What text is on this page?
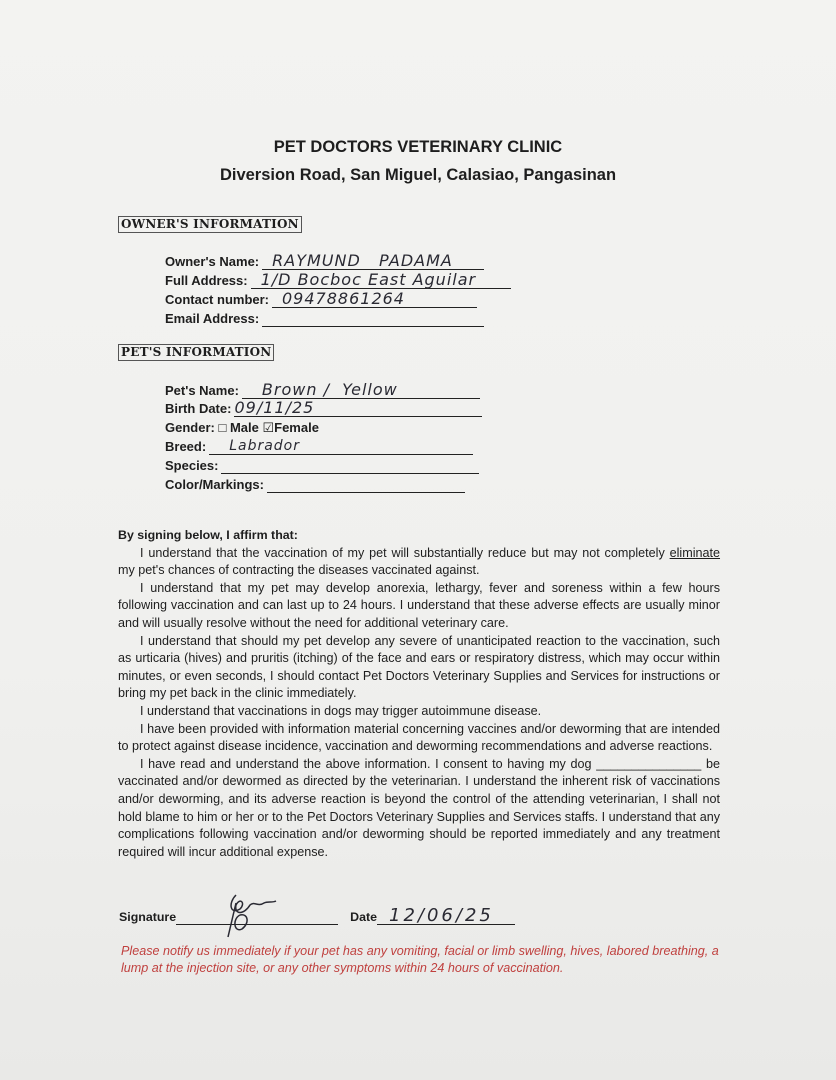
PET DOCTORS VETERINARY CLINIC
Diversion Road, San Miguel, Calasiao, Pangasinan
OWNER'S INFORMATION
Owner's Name: RAYMUND   PADAMA
Full Address: 1/D Bocboc East Aguilar
Contact number: 09478861264
Email Address:
PET'S INFORMATION
Pet's Name: Brown /  Yellow
Birth Date: 09/11/25
Gender:
□
Male
☑ Female
Breed: Labrador
Species:
Color/Markings:
By signing below, I affirm that:

I understand that the vaccination of my pet will substantially reduce but may not completely eliminate my pet's chances of contracting the diseases vaccinated against.

I understand that my pet may develop anorexia, lethargy, fever and soreness within a few hours following vaccination and can last up to 24 hours. I understand that these adverse effects are usually minor and will usually resolve without the need for additional veterinary care.

I understand that should my pet develop any severe of unanticipated reaction to the vaccination, such as urticaria (hives) and pruritis (itching) of the face and ears or respiratory distress, which may occur within minutes, or even seconds, I should contact Pet Doctors Veterinary Supplies and Services for instructions or bring my pet back in the clinic immediately.

I understand that vaccinations in dogs may trigger autoimmune disease.

I have been provided with information material concerning vaccines and/or deworming that are intended to protect against disease incidence, vaccination and deworming recommendations and adverse reactions.

I have read and understand the above information. I consent to having my dog _______________ be vaccinated and/or dewormed as directed by the veterinarian. I understand the inherent risk of vaccinations and/or deworming, and its adverse reaction is beyond the control of the attending veterinarian, I shall not hold blame to him or her or to the Pet Doctors Veterinary Supplies and Services staffs. I understand that any complications following vaccination and/or deworming should be reported immediately and any treatment required will incur additional expense.

Signature	Date 12/06/25
Please notify us immediately if your pet has any vomiting, facial or limb swelling, hives, labored breathing, a lump at the injection site, or any other symptoms within 24 hours of vaccination.
